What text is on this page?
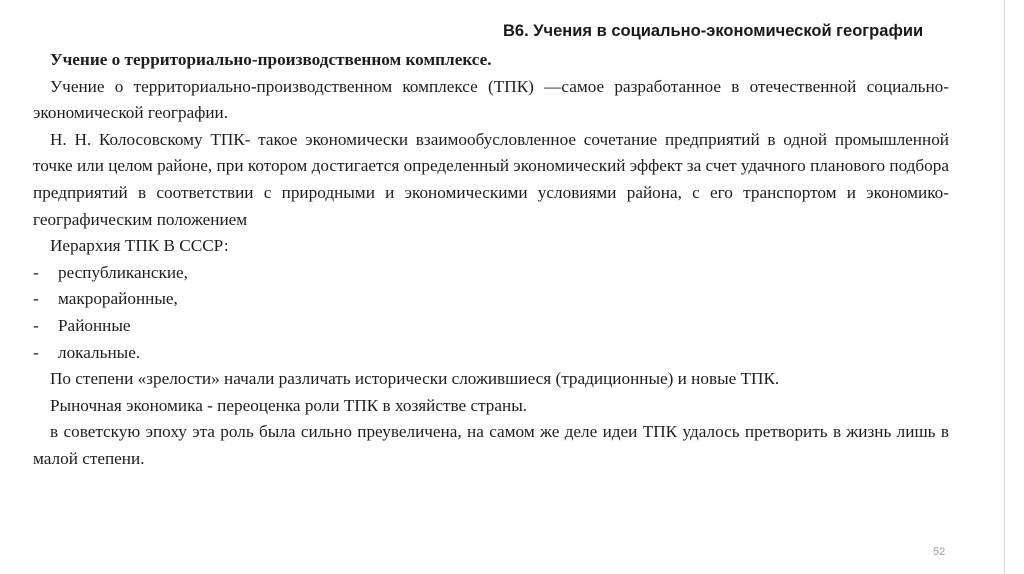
В6. Учения в социально-экономической географии

Учение о территориально-производственном комплексе.

Учение о территориально-производственном комплексе (ТПК) —самое разработанное в отечественной социально-экономической географии.

Н. Н. Колосовскому ТПК- такое экономически взаимообусловленное сочетание предприятий в одной промышленной точке или целом районе, при котором достигается определенный экономический эффект за счет удачного планового подбора предприятий в соответствии с природными и экономическими условиями района, с его транспортом и экономико-географическим положением

Иерархия ТПК В СССР:

-	республиканские,
-	макрорайонные,
-	Районные
-	локальные.

По степени «зрелости» начали различать исторически сложившиеся (традиционные) и новые ТПК.

Рыночная экономика - переоценка роли ТПК в хозяйстве страны.

в советскую эпоху эта роль была сильно преувеличена, на самом же деле идеи ТПК удалось претворить в жизнь лишь в малой степени.

52
